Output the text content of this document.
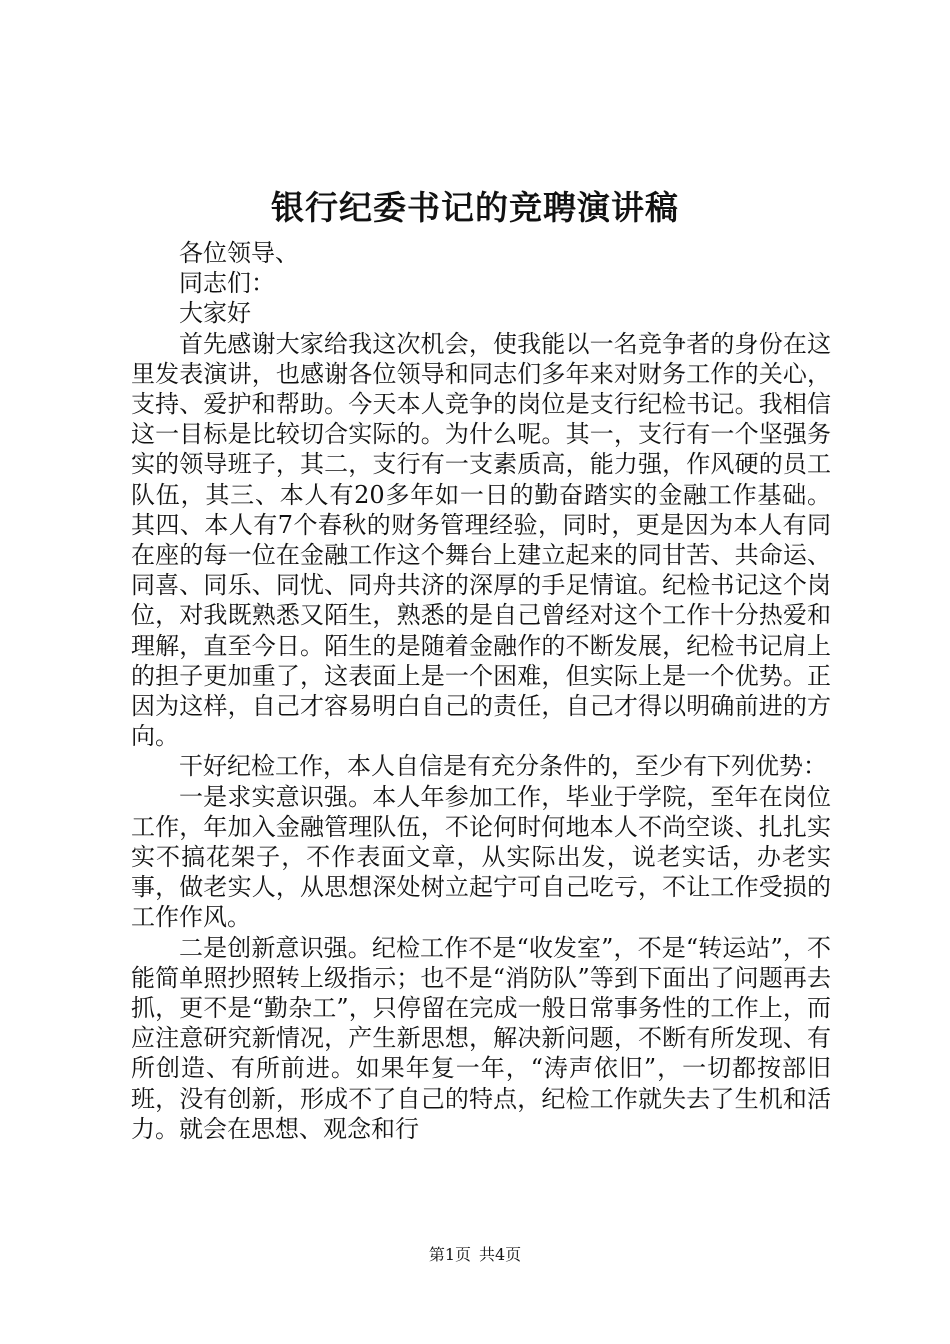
银行纪委书记的竞聘演讲稿

各位领导、

同志们：

大家好

首先感谢大家给我这次机会，使我能以一名竞争者的身份在这里发表演讲，也感谢各位领导和同志们多年来对财务工作的关心，支持、爱护和帮助。今天本人竞争的岗位是支行纪检书记。我相信这一目标是比较切合实际的。为什么呢。其一，支行有一个坚强务实的领导班子，其二，支行有一支素质高，能力强，作风硬的员工队伍，其三、本人有20多年如一日的勤奋踏实的金融工作基础。其四、本人有7个春秋的财务管理经验，同时，更是因为本人有同在座的每一位在金融工作这个舞台上建立起来的同甘苦、共命运、同喜、同乐、同忧、同舟共济的深厚的手足情谊。纪检书记这个岗位，对我既熟悉又陌生，熟悉的是自己曾经对这个工作十分热爱和理解，直至今日。陌生的是随着金融作的不断发展，纪检书记肩上的担子更加重了，这表面上是一个困难，但实际上是一个优势。正因为这样，自己才容易明白自己的责任，自己才得以明确前进的方向。

干好纪检工作，本人自信是有充分条件的，至少有下列优势：

一是求实意识强。本人年参加工作，毕业于学院，至年在岗位工作，年加入金融管理队伍，不论何时何地本人不尚空谈、扎扎实实不搞花架子，不作表面文章，从实际出发，说老实话，办老实事，做老实人，从思想深处树立起宁可自己吃亏，不让工作受损的工作作风。

二是创新意识强。纪检工作不是“收发室”，不是“转运站”，不能简单照抄照转上级指示；也不是“消防队”等到下面出了问题再去抓，更不是“勤杂工”，只停留在完成一般日常事务性的工作上，而应注意研究新情况，产生新思想，解决新问题，不断有所发现、有所创造、有所前进。如果年复一年，“涛声依旧”，一切都按部旧班，没有创新，形成不了自己的特点，纪检工作就失去了生机和活力。就会在思想、观念和行

第1页 共4页
